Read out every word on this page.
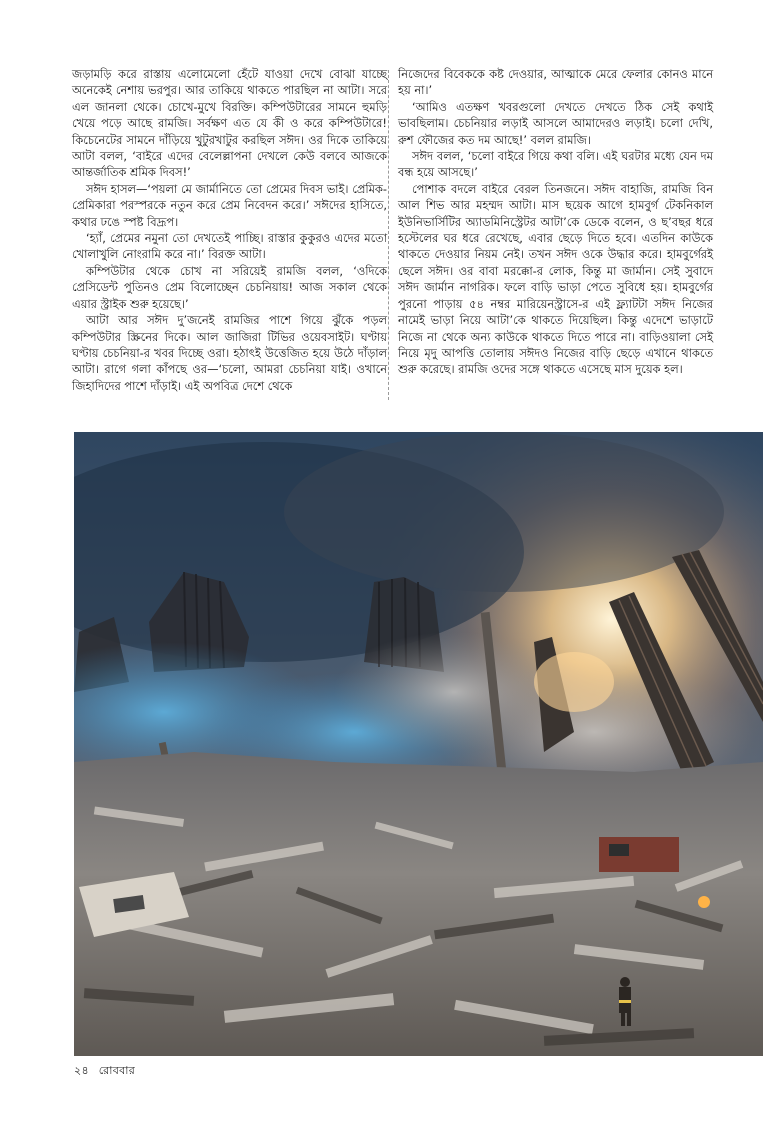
জড়ামড়ি করে রাস্তায় এলোমেলো হেঁটে যাওয়া দেখে বোঝা যাচ্ছে অনেকেই নেশায় ভরপুর। আর তাকিয়ে থাকতে পারছিল না আটা। সরে এল জানলা থেকে। চোখে-মুখে বিরক্তি। কম্পিউটারের সামনে হুমড়ি খেয়ে পড়ে আছে রামজি। সর্বক্ষণ এত যে কী ও করে কম্পিউটারে! কিচেনেটের সামনে দাঁড়িয়ে খুটুরখাটুর করছিল সঈদ। ওর দিকে তাকিয়ে আটা বলল, ‘বাইরে এদের বেলেল্লাপনা দেখলে কেউ বলবে আজকে আন্তর্জাতিক শ্রমিক দিবস!’

সঈদ হাসল—‘পয়লা মে জার্মানিতে তো প্রেমের দিবস ভাই। প্রেমিক-প্রেমিকারা পরস্পরকে নতুন করে প্রেম নিবেদন করে।’ সঈদের হাসিতে, কথার ঢঙে স্পষ্ট বিদ্রূপ।

‘হ্যাঁ, প্রেমের নমুনা তো দেখতেই পাচ্ছি। রাস্তার কুকুরও এদের মতো খোলাখুলি নোংরামি করে না।’ বিরক্ত আটা।

কম্পিউটার থেকে চোখ না সরিয়েই রামজি বলল, ‘ওদিকে প্রেসিডেন্ট পুতিনও প্রেম বিলোচ্ছেন চেচনিয়ায়! আজ সকাল থেকে এয়ার স্ট্রাইক শুরু হয়েছে।’

আটা আর সঈদ দু’জনেই রামজির পাশে গিয়ে ঝুঁকে পড়ল কম্পিউটার স্ক্রিনের দিকে। আল জাজিরা টিভির ওয়েবসাইট। ঘণ্টায় ঘণ্টায় চেচনিয়া-র খবর দিচ্ছে ওরা। হঠাৎই উত্তেজিত হয়ে উঠে দাঁড়াল আটা। রাগে গলা কাঁপছে ওর—‘চলো, আমরা চেচনিয়া যাই। ওখানে জিহাদিদের পাশে দাঁড়াই। এই অপবিত্র দেশে থেকে

নিজেদের বিবেককে কষ্ট দেওয়ার, আত্মাকে মেরে ফেলার কোনও মানে হয় না।’

‘আমিও এতক্ষণ খবরগুলো দেখতে দেখতে ঠিক সেই কথাই ভাবছিলাম। চেচনিয়ার লড়াই আসলে আমাদেরও লড়াই। চলো দেখি, রুশ ফৌজের কত দম আছে!’ বলল রামজি।

সঈদ বলল, ‘চলো বাইরে গিয়ে কথা বলি। এই ঘরটার মধ্যে যেন দম বন্ধ হয়ে আসছে।’

পোশাক বদলে বাইরে বেরল তিনজনে। সঈদ বাহাজি, রামজি বিন আল শিভ আর মহম্মদ আটা। মাস ছয়েক আগে হামবুর্গ টেকনিকাল ইউনিভার্সিটির অ্যাডমিনিস্ট্রেটর আটা’কে ডেকে বলেন, ও ছ’বছর ধরে হস্টেলের ঘর ধরে রেখেছে, এবার ছেড়ে দিতে হবে। এতদিন কাউকে থাকতে দেওয়ার নিয়ম নেই। তখন সঈদ ওকে উদ্ধার করে। হামবুর্গেরই ছেলে সঈদ। ওর বাবা মরক্কো-র লোক, কিন্তু মা জার্মান। সেই সুবাদে সঈদ জার্মান নাগরিক। ফলে বাড়ি ভাড়া পেতে সুবিধে হয়। হামবুর্গের পুরনো পাড়ায় ৫৪ নম্বর মারিয়েনস্ট্রাসে-র এই ফ্ল্যাটটা সঈদ নিজের নামেই ভাড়া নিয়ে আটা’কে থাকতে দিয়েছিল। কিন্তু এদেশে ভাড়াটে নিজে না থেকে অন্য কাউকে থাকতে দিতে পারে না। বাড়িওয়ালা সেই নিয়ে মৃদু আপত্তি তোলায় সঈদও নিজের বাড়ি ছেড়ে এখানে থাকতে শুরু করেছে। রামজি ওদের সঙ্গে থাকতে এসেছে মাস দুয়েক হল।

২৪ রোববার
